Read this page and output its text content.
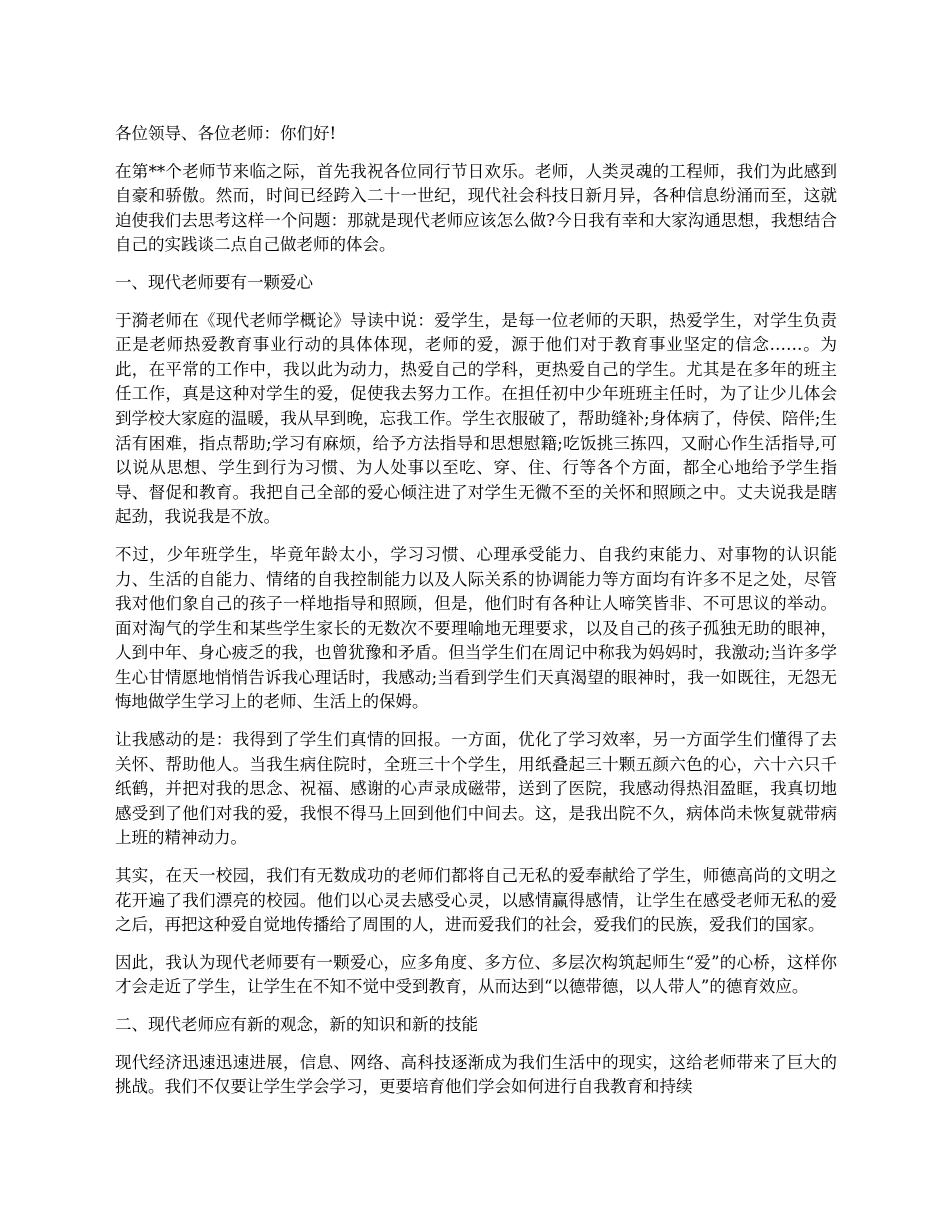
各位领导、各位老师：你们好!

在第**个老师节来临之际，首先我祝各位同行节日欢乐。老师，人类灵魂的工程师，我们为此感到自豪和骄傲。然而，时间已经跨入二十一世纪，现代社会科技日新月异，各种信息纷涌而至，这就迫使我们去思考这样一个问题：那就是现代老师应该怎么做?今日我有幸和大家沟通思想，我想结合自己的实践谈二点自己做老师的体会。

一、现代老师要有一颗爱心

于漪老师在《现代老师学概论》导读中说：爱学生，是每一位老师的天职，热爱学生，对学生负责正是老师热爱教育事业行动的具体体现，老师的爱，源于他们对于教育事业坚定的信念……。为此，在平常的工作中，我以此为动力，热爱自己的学科，更热爱自己的学生。尤其是在多年的班主任工作，真是这种对学生的爱，促使我去努力工作。在担任初中少年班班主任时，为了让少儿体会到学校大家庭的温暖，我从早到晚，忘我工作。学生衣服破了，帮助缝补;身体病了，侍侯、陪伴;生活有困难，指点帮助;学习有麻烦，给予方法指导和思想慰籍;吃饭挑三拣四，又耐心作生活指导,可以说从思想、学生到行为习惯、为人处事以至吃、穿、住、行等各个方面，都全心地给予学生指导、督促和教育。我把自己全部的爱心倾注进了对学生无微不至的关怀和照顾之中。丈夫说我是瞎起劲，我说我是不放。

不过，少年班学生，毕竟年龄太小，学习习惯、心理承受能力、自我约束能力、对事物的认识能力、生活的自能力、情绪的自我控制能力以及人际关系的协调能力等方面均有许多不足之处，尽管我对他们象自己的孩子一样地指导和照顾，但是，他们时有各种让人啼笑皆非、不可思议的举动。面对淘气的学生和某些学生家长的无数次不要理喻地无理要求，以及自己的孩子孤独无助的眼神，人到中年、身心疲乏的我，也曾犹豫和矛盾。但当学生们在周记中称我为妈妈时，我激动;当许多学生心甘情愿地悄悄告诉我心理话时，我感动;当看到学生们天真渴望的眼神时，我一如既往，无怨无悔地做学生学习上的老师、生活上的保姆。

让我感动的是：我得到了学生们真情的回报。一方面，优化了学习效率，另一方面学生们懂得了去关怀、帮助他人。当我生病住院时，全班三十个学生，用纸叠起三十颗五颜六色的心，六十六只千纸鹤，并把对我的思念、祝福、感谢的心声录成磁带，送到了医院，我感动得热泪盈眶，我真切地感受到了他们对我的爱，我恨不得马上回到他们中间去。这，是我出院不久，病体尚未恢复就带病上班的精神动力。

其实，在天一校园，我们有无数成功的老师们都将自己无私的爱奉献给了学生，师德高尚的文明之花开遍了我们漂亮的校园。他们以心灵去感受心灵，以感情赢得感情，让学生在感受老师无私的爱之后，再把这种爱自觉地传播给了周围的人，进而爱我们的社会，爱我们的民族，爱我们的国家。

因此，我认为现代老师要有一颗爱心，应多角度、多方位、多层次构筑起师生“爱”的心桥，这样你才会走近了学生，让学生在不知不觉中受到教育，从而达到“以德带德，以人带人”的德育效应。

二、现代老师应有新的观念，新的知识和新的技能

现代经济迅速迅速进展，信息、网络、高科技逐渐成为我们生活中的现实，这给老师带来了巨大的挑战。我们不仅要让学生学会学习，更要培育他们学会如何进行自我教育和持续
